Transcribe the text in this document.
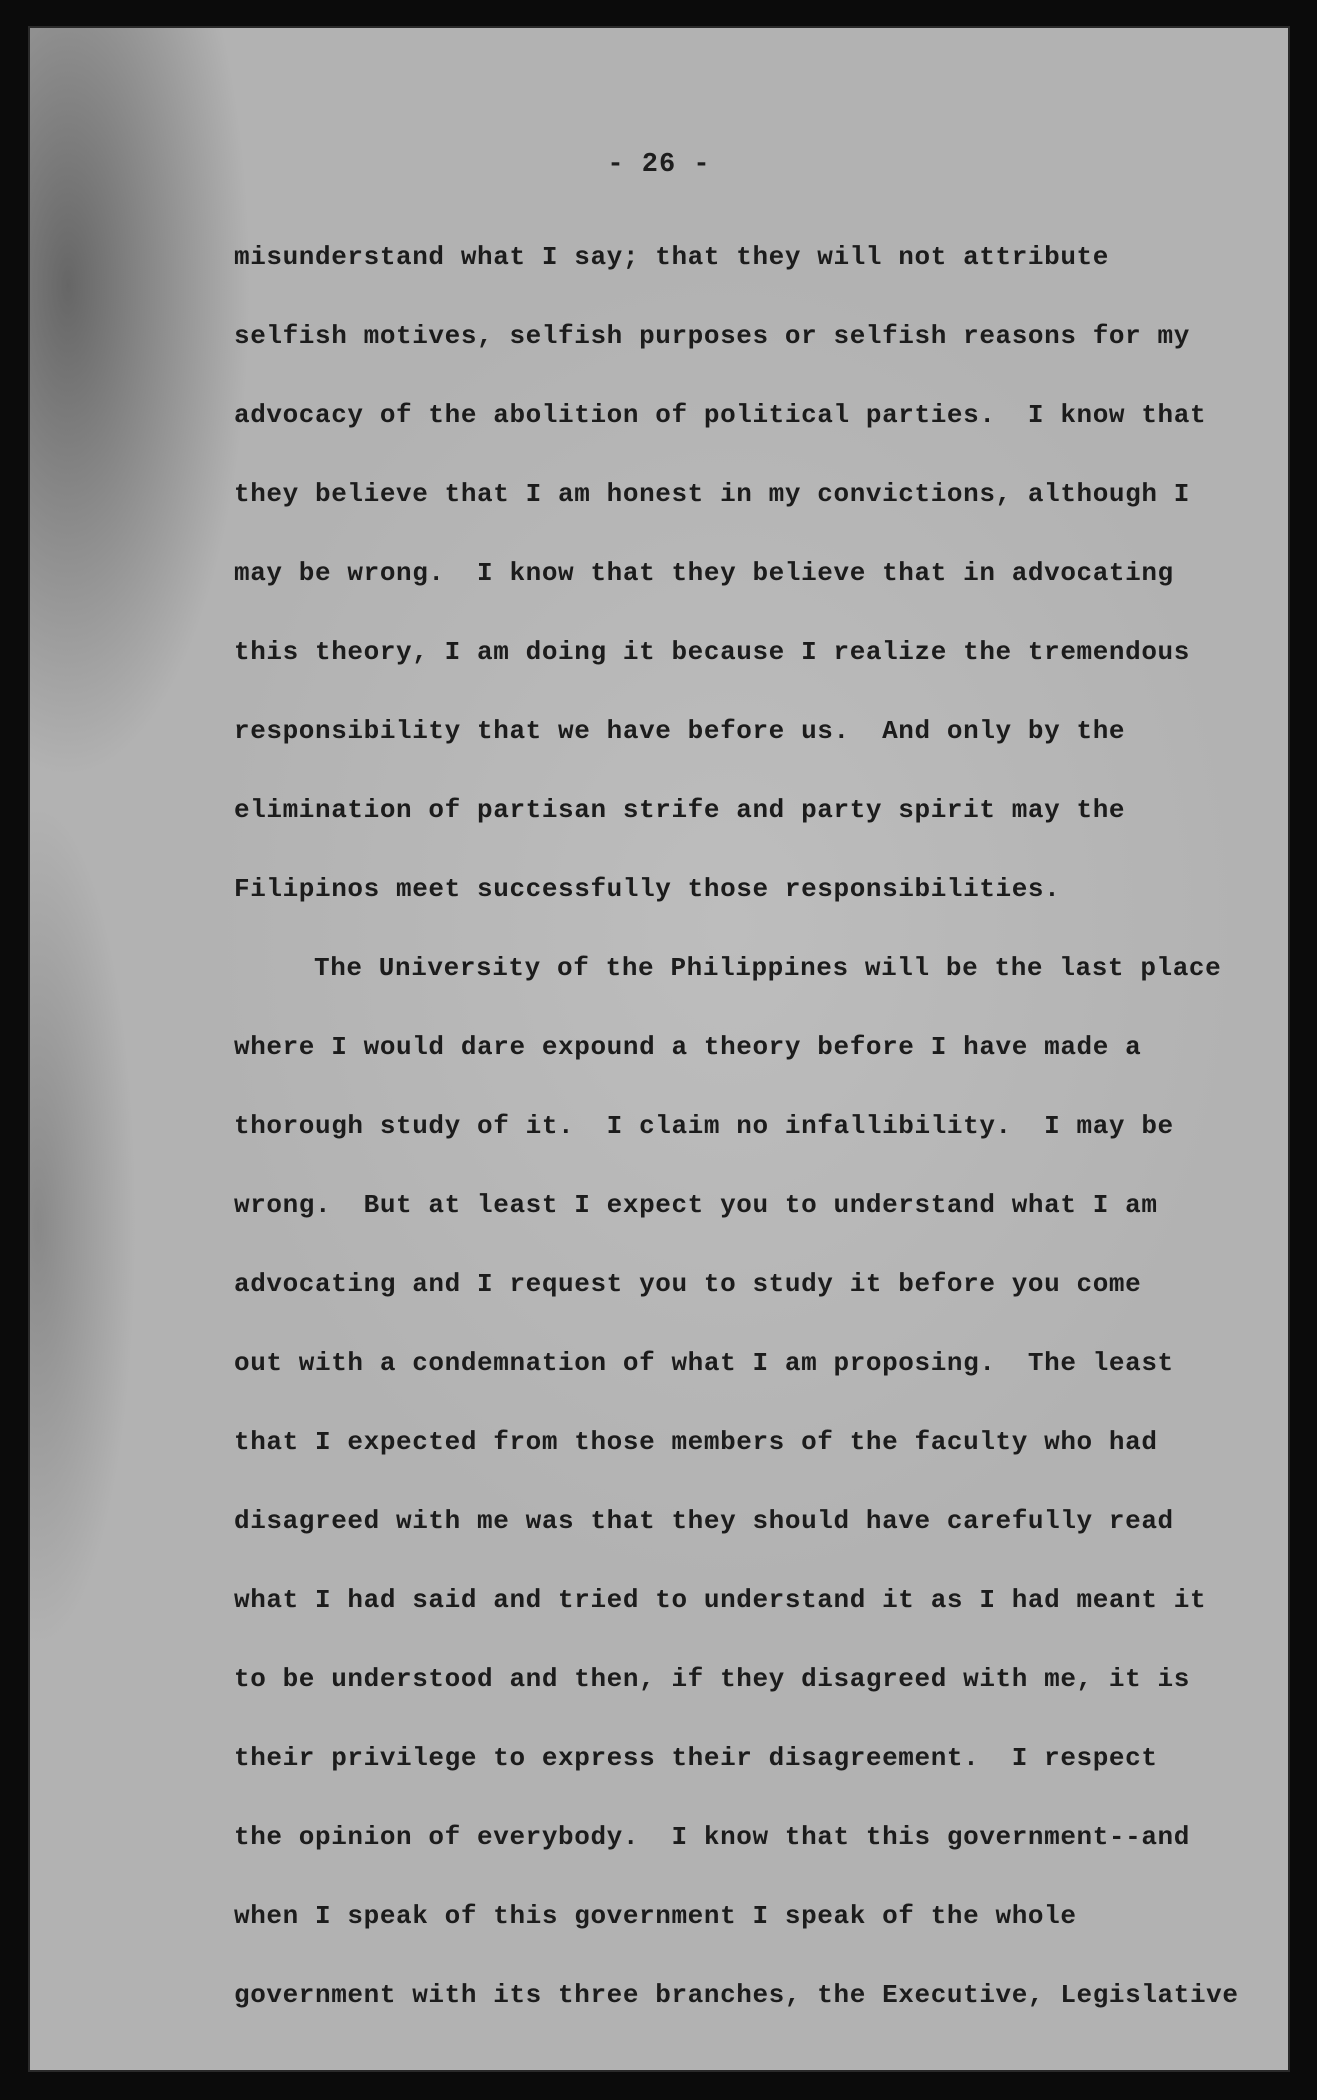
- 26 -
misunderstand what I say; that they will not attribute
selfish motives, selfish purposes or selfish reasons for my
advocacy of the abolition of political parties.  I know that
they believe that I am honest in my convictions, although I
may be wrong.  I know that they believe that in advocating
this theory, I am doing it because I realize the tremendous
responsibility that we have before us.  And only by the
elimination of partisan strife and party spirit may the
Filipinos meet successfully those responsibilities.
The University of the Philippines will be the last place
where I would dare expound a theory before I have made a
thorough study of it.  I claim no infallibility.  I may be
wrong.  But at least I expect you to understand what I am
advocating and I request you to study it before you come
out with a condemnation of what I am proposing.  The least
that I expected from those members of the faculty who had
disagreed with me was that they should have carefully read
what I had said and tried to understand it as I had meant it
to be understood and then, if they disagreed with me, it is
their privilege to express their disagreement.  I respect
the opinion of everybody.  I know that this government--and
when I speak of this government I speak of the whole
government with its three branches, the Executive, Legislative
